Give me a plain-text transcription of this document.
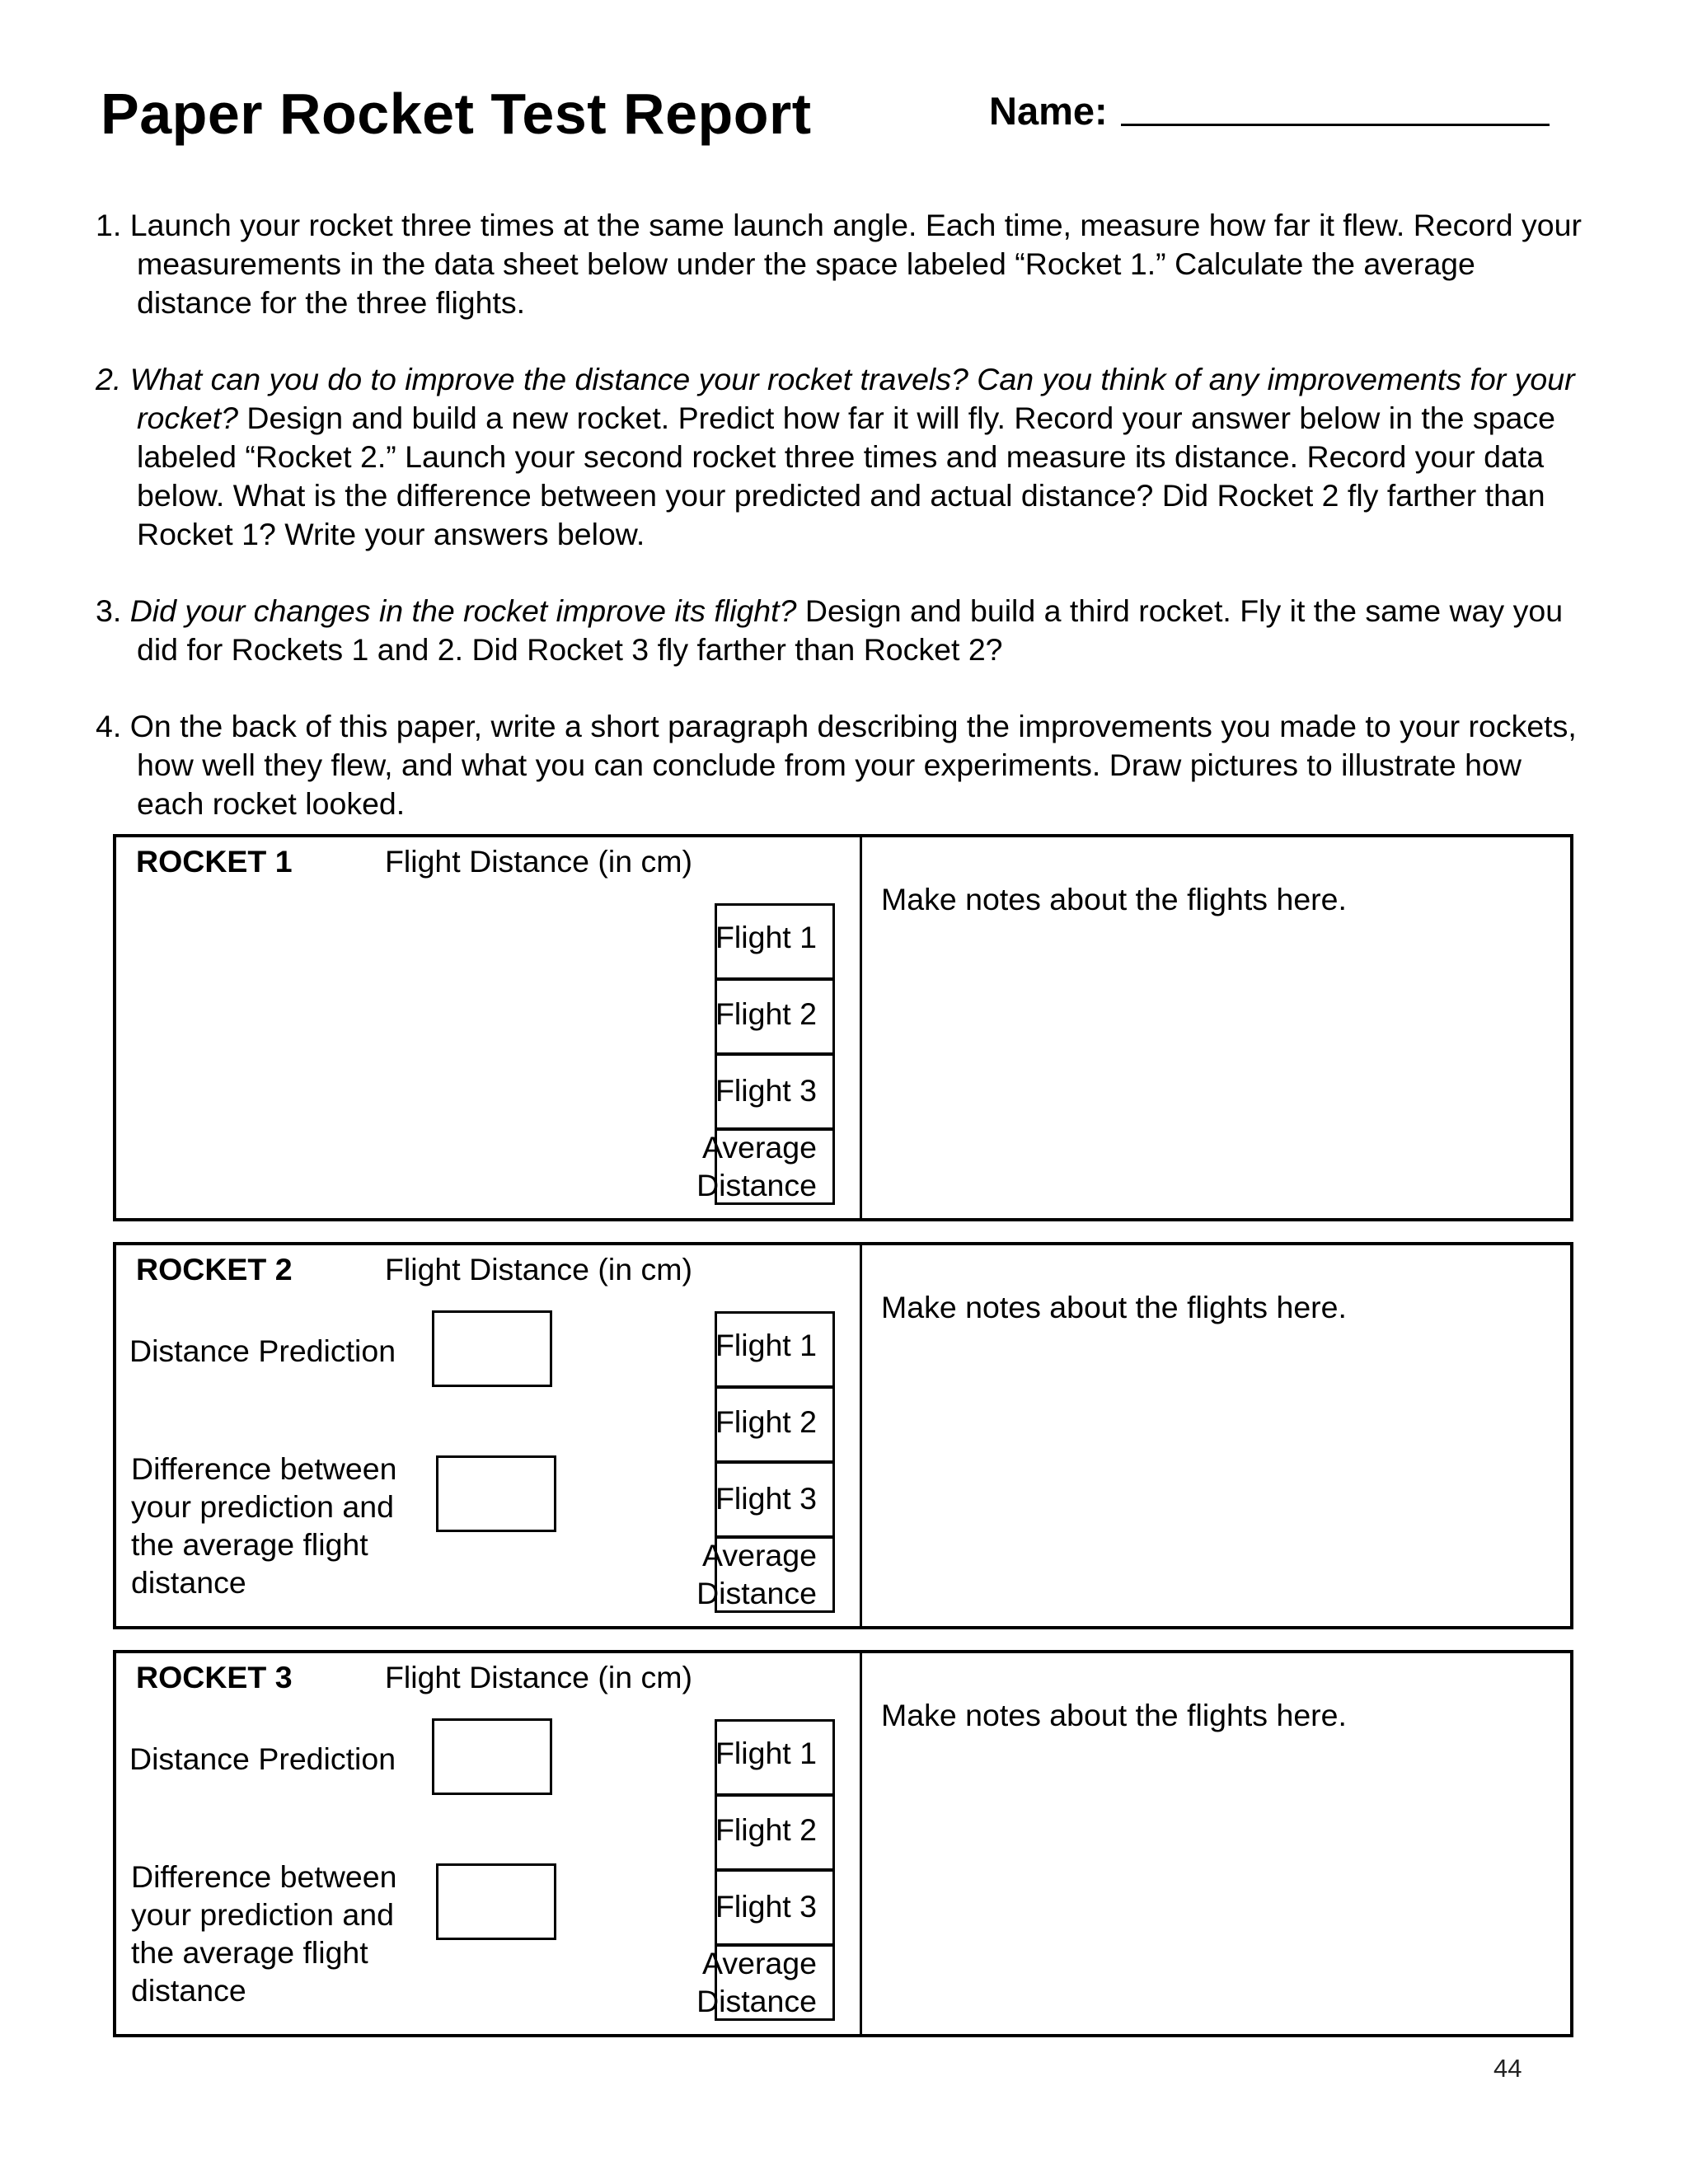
Paper Rocket Test Report	Name:

1. Launch your rocket three times at the same launch angle. Each time, measure how far it flew. Record your measurements in the data sheet below under the space labeled “Rocket 1.” Calculate the average distance for the three flights.

2. What can you do to improve the distance your rocket travels? Can you think of any improvements for your rocket? Design and build a new rocket. Predict how far it will fly. Record your answer below in the space labeled “Rocket 2.” Launch your second rocket three times and measure its distance. Record your data below. What is the difference between your predicted and actual distance? Did Rocket 2 fly farther than Rocket 1? Write your answers below.

3. Did your changes in the rocket improve its flight? Design and build a third rocket. Fly it the same way you did for Rockets 1 and 2. Did Rocket 3 fly farther than Rocket 2?

4. On the back of this paper, write a short paragraph describing the improvements you made to your rockets, how well they flew, and what you can conclude from your experiments. Draw pictures to illustrate how each rocket looked.

ROCKET 1	Flight Distance (in cm)
Flight 1
Flight 2
Flight 3
Average
Distance
Make notes about the flights here.
ROCKET 2	Flight Distance (in cm)
Distance Prediction
Difference between
your prediction and
the average flight
distance
Flight 1
Flight 2
Flight 3
Average
Distance
Make notes about the flights here.
ROCKET 3	Flight Distance (in cm)
Distance Prediction
Difference between
your prediction and
the average flight
distance
Flight 1
Flight 2
Flight 3
Average
Distance
Make notes about the flights here.
44
